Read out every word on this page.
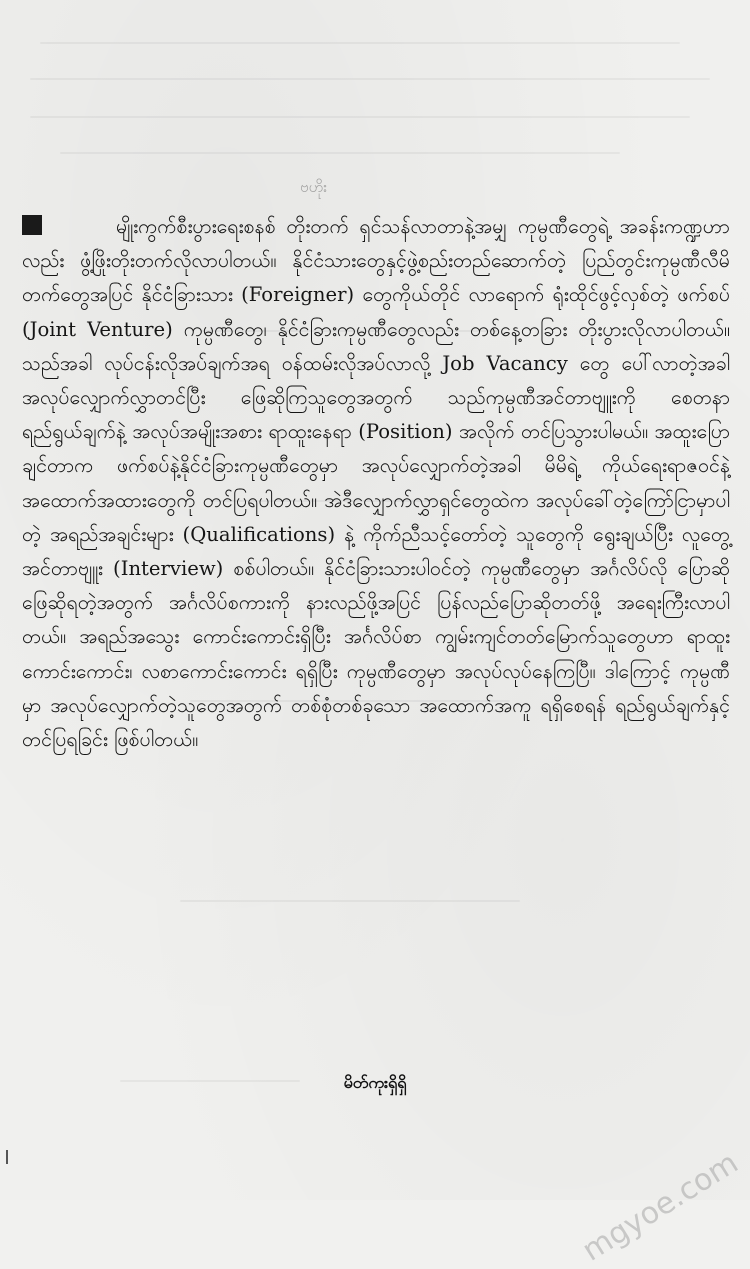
ဗဟိုး
မျိုးကွက်စီးပွားရေးစနစ် တိုးတက် ရှင်သန်လာတာနဲ့အမျှ ကုမ္ပဏီတွေရဲ့ အခန်းကဏ္ဍဟာလည်း ဖွံ့ဖြိုးတိုးတက်လိုလာပါတယ်။ နိုင်ငံသားတွေနှင့်ဖွဲ့စည်းတည်ဆောက်တဲ့ ပြည်တွင်းကုမ္ပဏီလီမိတက်တွေအပြင် နိုင်ငံခြားသား (Foreigner) တွေကိုယ်တိုင် လာရောက် ရုံးထိုင်ဖွင့်လှစ်တဲ့ ဖက်စပ် (Joint Venture) ကုမ္ပဏီတွေ၊ နိုင်ငံခြားကုမ္ပဏီတွေလည်း တစ်နေ့တခြား တိုးပွားလိုလာပါတယ်။ သည်အခါ လုပ်ငန်းလိုအပ်ချက်အရ ဝန်ထမ်းလိုအပ်လာလို့ Job Vacancy တွေ ပေါ်လာတဲ့အခါ အလုပ်လျှောက်လွှာတင်ပြီး ဖြေဆိုကြသူတွေအတွက် သည်ကုမ္ပဏီအင်တာဗျူးကို စေတနာ ရည်ရွယ်ချက်နဲ့ အလုပ်အမျိုးအစား ရာထူးနေရာ (Position) အလိုက် တင်ပြသွားပါမယ်။ အထူးပြောချင်တာက ဖက်စပ်နဲ့နိုင်ငံခြားကုမ္ပဏီတွေမှာ အလုပ်လျှောက်တဲ့အခါ မိမိရဲ့ ကိုယ်ရေးရာဇဝင်နဲ့ အထောက်အထားတွေကို တင်ပြရပါတယ်။ အဲဒီလျှောက်လွှာရှင်တွေထဲက အလုပ်ခေါ်တဲ့ကြော်ငြာမှာပါတဲ့ အရည်အချင်းများ (Qualifications) နဲ့ ကိုက်ညီသင့်တော်တဲ့ သူတွေကို ရွေးချယ်ပြီး လူတွေ့အင်တာဗျူး (Interview) စစ်ပါတယ်။ နိုင်ငံခြားသားပါဝင်တဲ့ ကုမ္ပဏီတွေမှာ အင်္ဂလိပ်လို ပြောဆိုဖြေဆိုရတဲ့အတွက် အင်္ဂလိပ်စကားကို နားလည်ဖို့အပြင် ပြန်လည်ပြောဆိုတတ်ဖို့ အရေးကြီးလာပါတယ်။ အရည်အသွေး ကောင်းကောင်းရှိပြီး အင်္ဂလိပ်စာ ကျွမ်းကျင်တတ်မြောက်သူတွေဟာ ရာထူးကောင်းကောင်း၊ လစာကောင်းကောင်း ရရှိပြီး ကုမ္ပဏီတွေမှာ အလုပ်လုပ်နေကြပြီ။ ဒါကြောင့် ကုမ္ပဏီမှာ အလုပ်လျှောက်တဲ့သူတွေအတွက် တစ်စုံတစ်ခုသော အထောက်အကူ ရရှိစေရန် ရည်ရွယ်ချက်နှင့် တင်ပြရခြင်း ဖြစ်ပါတယ်။
မိတ်ကုးရှိရှိ
mgyoe.com
